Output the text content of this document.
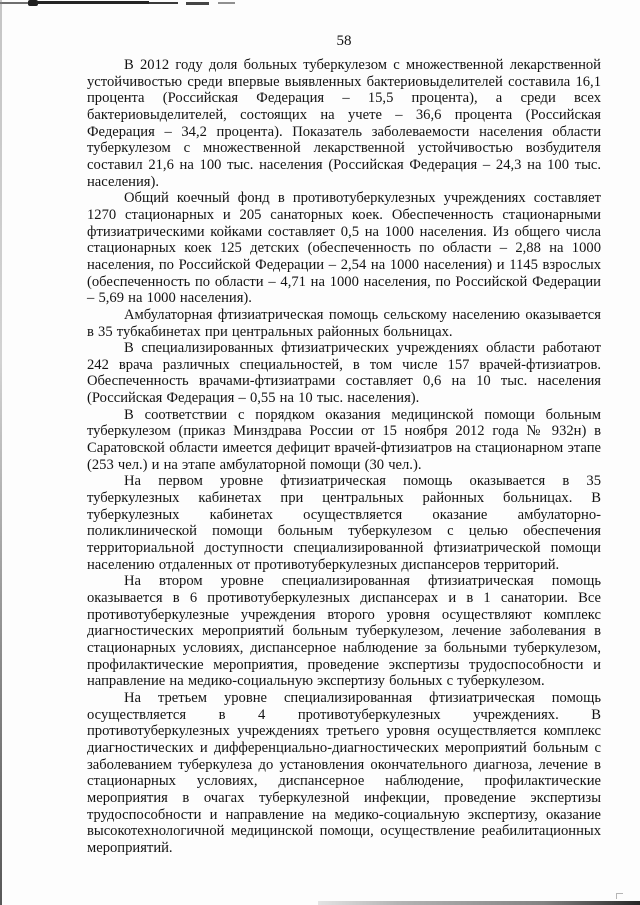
58

В 2012 году доля больных туберкулезом с множественной лекарственной устойчивостью среди впервые выявленных бактериовыделителей составила 16,1 процента (Российская Федерация – 15,5 процента), а среди всех бактериовыделителей, состоящих на учете – 36,6 процента (Российская Федерация – 34,2 процента). Показатель заболеваемости населения области туберкулезом с множественной лекарственной устойчивостью возбудителя составил 21,6 на 100 тыс. населения (Российская Федерация – 24,3 на 100 тыс. населения).

Общий коечный фонд в противотуберкулезных учреждениях составляет 1270 стационарных и 205 санаторных коек. Обеспеченность стационарными фтизиатрическими койками составляет 0,5 на 1000 населения. Из общего числа стационарных коек 125 детских (обеспеченность по области – 2,88 на 1000 населения, по Российской Федерации – 2,54 на 1000 населения) и 1145 взрослых (обеспеченность по области – 4,71 на 1000 населения, по Российской Федерации – 5,69 на 1000 населения).

Амбулаторная фтизиатрическая помощь сельскому населению оказывается в 35 тубкабинетах при центральных районных больницах.

В специализированных фтизиатрических учреждениях области работают 242 врача различных специальностей, в том числе 157 врачей-фтизиатров. Обеспеченность врачами-фтизиатрами составляет 0,6 на 10 тыс. населения (Российская Федерация – 0,55 на 10 тыс. населения).

В соответствии с порядком оказания медицинской помощи больным туберкулезом (приказ Минздрава России от 15 ноября 2012 года № 932н) в Саратовской области имеется дефицит врачей-фтизиатров на стационарном этапе (253 чел.) и на этапе амбулаторной помощи (30 чел.).

На первом уровне фтизиатрическая помощь оказывается в 35 туберкулезных кабинетах при центральных районных больницах. В туберкулезных кабинетах осуществляется оказание амбулаторно-поликлинической помощи больным туберкулезом с целью обеспечения территориальной доступности специализированной фтизиатрической помощи населению отдаленных от противотуберкулезных диспансеров территорий.

На втором уровне специализированная фтизиатрическая помощь оказывается в 6 противотуберкулезных диспансерах и в 1 санатории. Все противотуберкулезные учреждения второго уровня осуществляют комплекс диагностических мероприятий больным туберкулезом, лечение заболевания в стационарных условиях, диспансерное наблюдение за больными туберкулезом, профилактические мероприятия, проведение экспертизы трудоспособности и направление на медико-социальную экспертизу больных с туберкулезом.

На третьем уровне специализированная фтизиатрическая помощь осуществляется в 4 противотуберкулезных учреждениях. В противотуберкулезных учреждениях третьего уровня осуществляется комплекс диагностических и дифференциально-диагностических мероприятий больным с заболеванием туберкулеза до установления окончательного диагноза, лечение в стационарных условиях, диспансерное наблюдение, профилактические мероприятия в очагах туберкулезной инфекции, проведение экспертизы трудоспособности и направление на медико-социальную экспертизу, оказание высокотехнологичной медицинской помощи, осуществление реабилитационных мероприятий.
